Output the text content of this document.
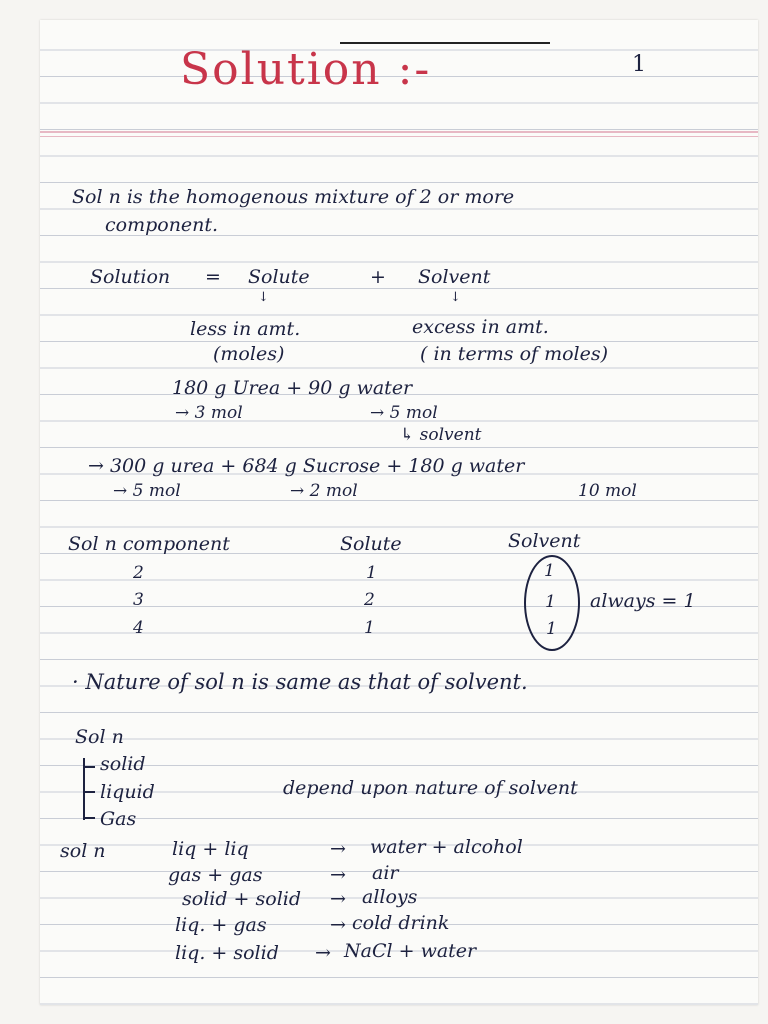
Solution :-	1
Sol n is the homogenous mixture of 2 or more
component.
Solution = Solute	+ Solvent
↓	↓
less in amt.
(moles)
excess in amt.
( in terms of moles)
180 g Urea + 90 g water
→ 3 mol	→ 5 mol
↳ solvent
→ 300 g urea + 684 g Sucrose + 180 g water
→ 5 mol	→ 2 mol	10 mol
Sol n component	Solute	Solvent
2	1	1
3	2	1
4	1	1
always = 1
· Nature of sol n is same as that of solvent.
Sol n
solid
liquid
Gas
depend upon nature of solvent
sol n	liq + liq	→ water + alcohol
gas + gas	→ air
solid + solid → alloys
liq. + gas	→ cold drink
liq. + solid → NaCl + water
